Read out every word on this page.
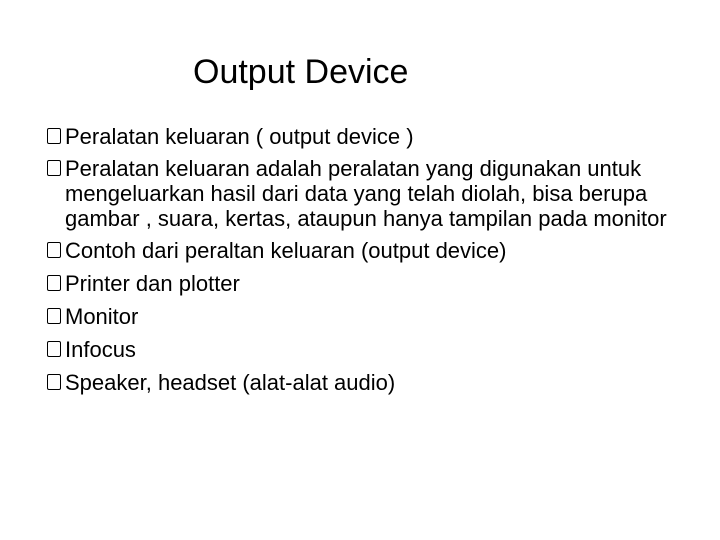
Output Device
Peralatan keluaran ( output device )
Peralatan keluaran adalah peralatan yang digunakan untuk mengeluarkan hasil dari data yang telah diolah, bisa berupa gambar , suara, kertas, ataupun hanya tampilan pada monitor
Contoh dari peraltan keluaran (output device)
Printer dan plotter
Monitor
Infocus
Speaker, headset (alat-alat audio)
